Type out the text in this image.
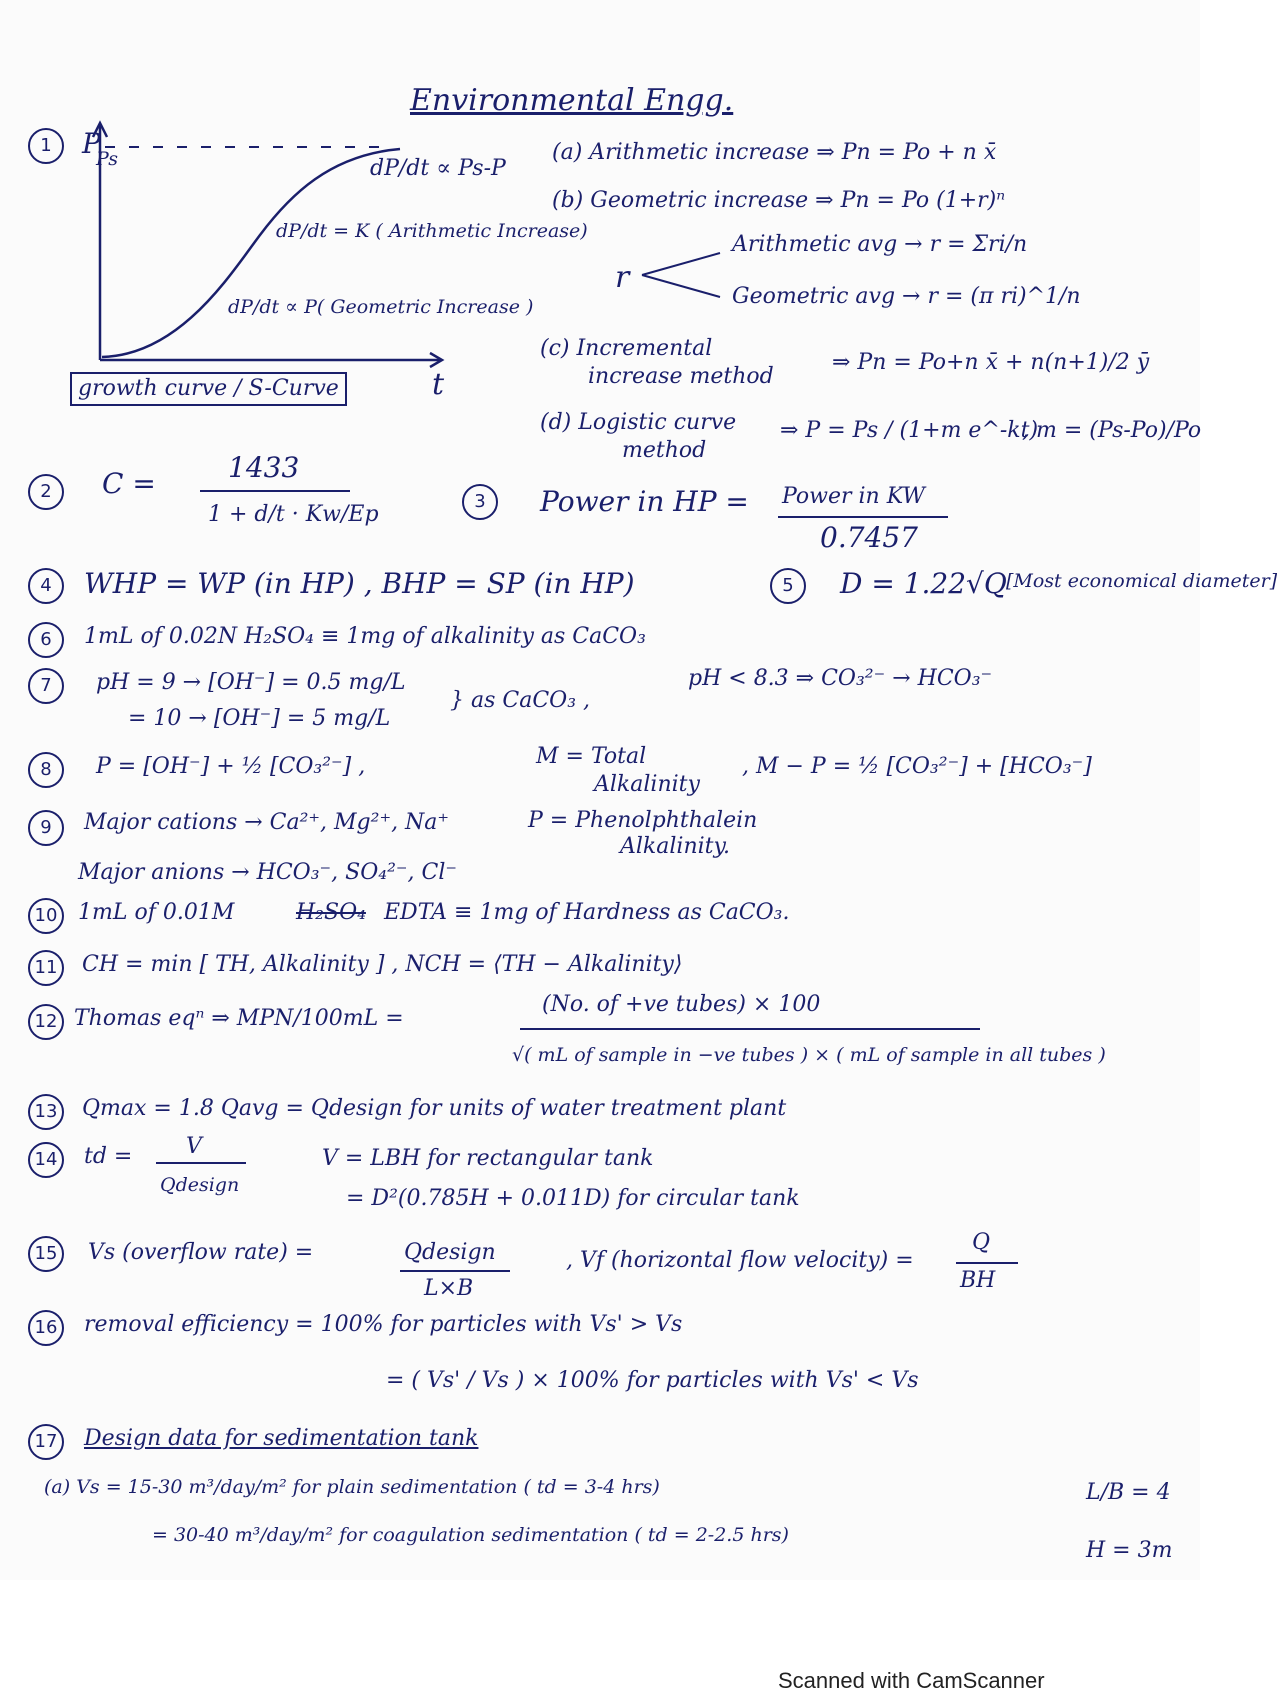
Environmental Engg.
1	P
Ps	dP/dt ∝ Ps-P
dP/dt = K ( Arithmetic Increase)
dP/dt ∝ P( Geometric Increase )
t
growth curve / S-Curve
(a) Arithmetic increase ⇒ Pn = Po + n x̄
(b) Geometric increase ⇒ Pn = Po (1+r)ⁿ
r
Arithmetic avg → r = Σri/n
Geometric avg → r = (π ri)^1/n
(c) Incremental
increase method
⇒ Pn = Po+n x̄ + n(n+1)/2 ȳ
(d) Logistic curve
method
⇒ P = Ps / (1+m e^-kt)
, m = (Ps-Po)/Po
2	C =	1433
1 + d/t · Kw/Ep
3	Power in HP = Power in KW
0.7457
4	WHP = WP (in HP) , BHP = SP (in HP)	5	D = 1.22√Q [Most economical diameter]
6	1mL of 0.02N H₂SO₄ ≡ 1mg of alkalinity as CaCO₃
7	pH = 9 → [OH⁻] = 0.5 mg/L
= 10 → [OH⁻] = 5 mg/L
} as CaCO₃ ,
pH < 8.3 ⇒ CO₃²⁻ → HCO₃⁻
8	P = [OH⁻] + ½ [CO₃²⁻] ,	M = Total
Alkalinity
, M − P = ½ [CO₃²⁻] + [HCO₃⁻]
9	Major cations → Ca²⁺, Mg²⁺, Na⁺	P = Phenolphthalein
Alkalinity.
Major anions → HCO₃⁻, SO₄²⁻, Cl⁻
10 1mL of 0.01M	H₂SO₄ EDTA ≡ 1mg of Hardness as CaCO₃.
11 CH = min [ TH, Alkalinity ] , NCH = ⟨TH − Alkalinity⟩
12 Thomas eqⁿ ⇒ MPN/100mL =
(No. of +ve tubes) × 100
√( mL of sample in −ve tubes ) × ( mL of sample in all tubes )
13 Qmax = 1.8 Qavg = Qdesign for units of water treatment plant
14 td = V
Qdesign
V = LBH for rectangular tank
= D²(0.785H + 0.011D) for circular tank
15 Vs (overflow rate) =	Qdesign
L×B
, Vf (horizontal flow velocity) =
Q
BH
16 removal efficiency = 100% for particles with Vs' > Vs
= ( Vs' / Vs ) × 100% for particles with Vs' < Vs
17 Design data for sedimentation tank
(a) Vs = 15-30 m³/day/m² for plain sedimentation ( td = 3-4 hrs)
= 30-40 m³/day/m² for coagulation sedimentation ( td = 2-2.5 hrs)
L/B = 4
H = 3m
Scanned with CamScanner
